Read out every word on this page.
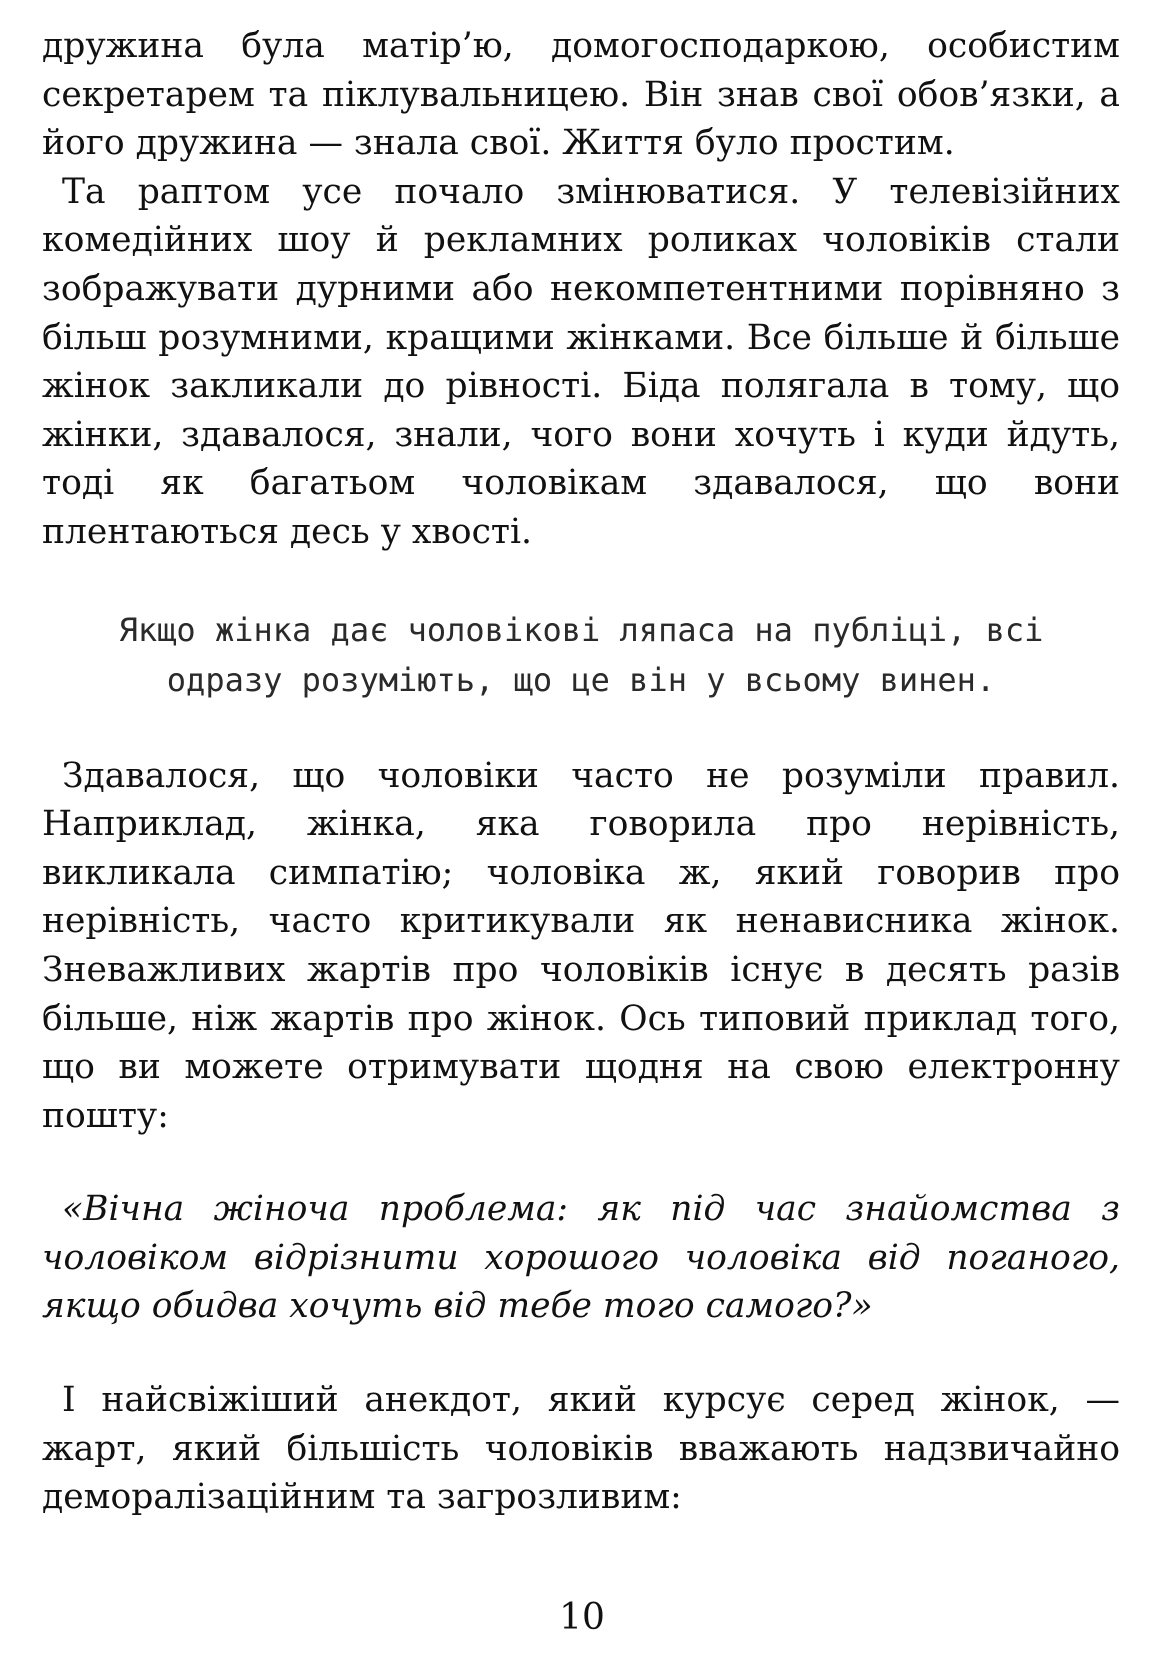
дружина була матір’ю, домогосподаркою, особистим секретарем та піклувальницею. Він знав свої обов’язки, а його дружина — знала свої. Життя було простим.

Та раптом усе почало змінюватися. У телевізійних комедійних шоу й рекламних роликах чоловіків стали зображувати дурними або некомпетентними порівняно з більш розумними, кращими жінками. Все більше й більше жінок закликали до рівності. Біда полягала в тому, що жінки, здавалося, знали, чого вони хочуть і куди йдуть, тоді як багатьом чоловікам здавалося, що вони плентаються десь у хвості.

Якщо жінка дає чоловікові ляпаса на публіці, всі одразу розуміють, що це він у всьому винен.

Здавалося, що чоловіки часто не розуміли правил. Наприклад, жінка, яка говорила про нерівність, викликала симпатію; чоловіка ж, який говорив про нерівність, часто критикували як ненависника жінок. Зневажливих жартів про чоловіків існує в десять разів більше, ніж жартів про жінок. Ось типовий приклад того, що ви можете отримувати щодня на свою електронну пошту:

«Вічна жіноча проблема: як під час знайомства з чоловіком відрізнити хорошого чоловіка від поганого, якщо обидва хочуть від тебе того самого?»

І найсвіжіший анекдот, який курсує серед жінок, — жарт, який більшість чоловіків вважають надзвичайно деморалізаційним та загрозливим:

10
